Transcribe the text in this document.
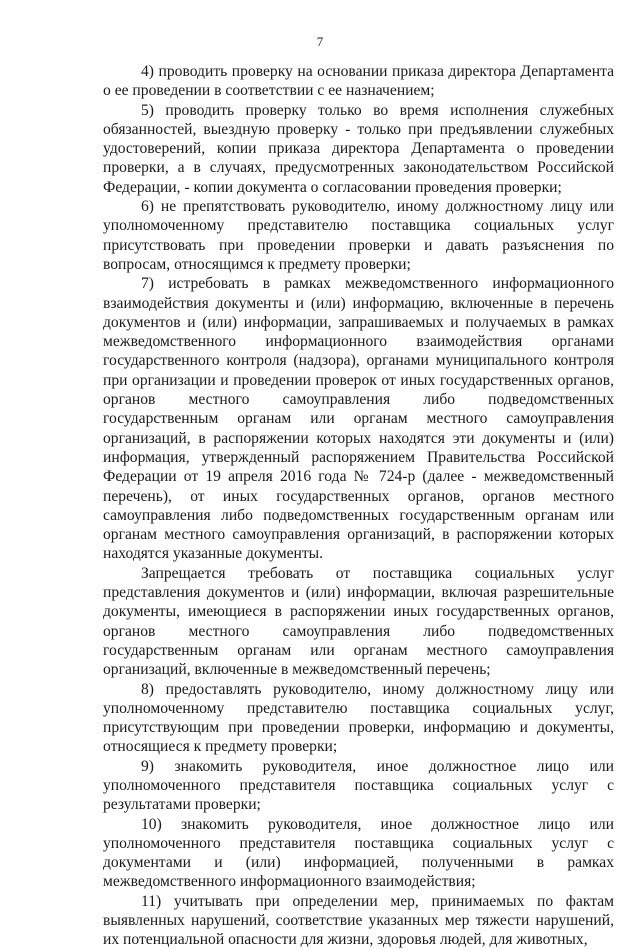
7

4) проводить проверку на основании приказа директора Департамента о ее проведении в соответствии с ее назначением;

5) проводить проверку только во время исполнения служебных обязанностей, выездную проверку - только при предъявлении служебных удостоверений, копии приказа директора Департамента о проведении проверки, а в случаях, предусмотренных законодательством Российской Федерации, - копии документа о согласовании проведения проверки;

6) не препятствовать руководителю, иному должностному лицу или уполномоченному представителю поставщика социальных услуг присутствовать при проведении проверки и давать разъяснения по вопросам, относящимся к предмету проверки;

7) истребовать в рамках межведомственного информационного взаимодействия документы и (или) информацию, включенные в перечень документов и (или) информации, запрашиваемых и получаемых в рамках межведомственного информационного взаимодействия органами государственного контроля (надзора), органами муниципального контроля при организации и проведении проверок от иных государственных органов, органов местного самоуправления либо подведомственных государственным органам или органам местного самоуправления организаций, в распоряжении которых находятся эти документы и (или) информация, утвержденный распоряжением Правительства Российской Федерации от 19 апреля 2016 года № 724-р (далее - межведомственный перечень), от иных государственных органов, органов местного самоуправления либо подведомственных государственным органам или органам местного самоуправления организаций, в распоряжении которых находятся указанные документы.

Запрещается требовать от поставщика социальных услуг представления документов и (или) информации, включая разрешительные документы, имеющиеся в распоряжении иных государственных органов, органов местного самоуправления либо подведомственных государственным органам или органам местного самоуправления организаций, включенные в межведомственный перечень;

8) предоставлять руководителю, иному должностному лицу или уполномоченному представителю поставщика социальных услуг, присутствующим при проведении проверки, информацию и документы, относящиеся к предмету проверки;

9) знакомить руководителя, иное должностное лицо или уполномоченного представителя поставщика социальных услуг с результатами проверки;

10) знакомить руководителя, иное должностное лицо или уполномоченного представителя поставщика социальных услуг с документами и (или) информацией, полученными в рамках межведомственного информационного взаимодействия;

11) учитывать при определении мер, принимаемых по фактам выявленных нарушений, соответствие указанных мер тяжести нарушений, их потенциальной опасности для жизни, здоровья людей, для животных,
